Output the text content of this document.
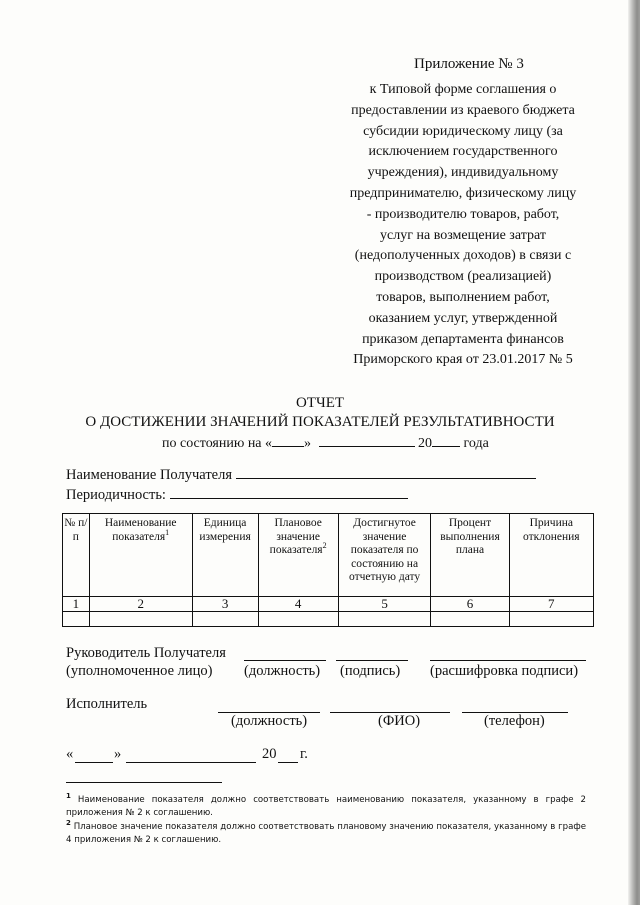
Приложение № 3
к Типовой форме соглашения о
предоставлении из краевого бюджета
субсидии юридическому лицу (за
исключением государственного
учреждения), индивидуальному
предпринимателю, физическому лицу
- производителю товаров, работ,
услуг на возмещение затрат
(недополученных доходов) в связи с
производством (реализацией)
товаров, выполнением работ,
оказанием услуг, утвержденной
приказом департамента финансов
Приморского края от 23.01.2017 № 5
ОТЧЕТ
О ДОСТИЖЕНИИ ЗНАЧЕНИЙ ПОКАЗАТЕЛЕЙ РЕЗУЛЬТАТИВНОСТИ
по состоянию на « »	20 года
Наименование Получателя
Периодичность:
№ п/п	Наименование показателя$^1$	Единица измерения	Плановое значение показателя$^2$	Достигнутое значение показателя по состоянию на отчетную дату	Процент выполнения плана	Причина отклонения
1	2	3	4	5	6	7

Руководитель Получателя
(уполномоченное лицо) (должность) (подпись) (расшифровка подписи)
Исполнитель
(должность)	(ФИО)	(телефон)
«	»	20 г.
$^1$ Наименование показателя должно соответствовать наименованию показателя, указанному в графе 2 приложения № 2 к соглашению.
$^2$ Плановое значение показателя должно соответствовать плановому значению показателя, указанному в графе 4 приложения № 2 к соглашению.
